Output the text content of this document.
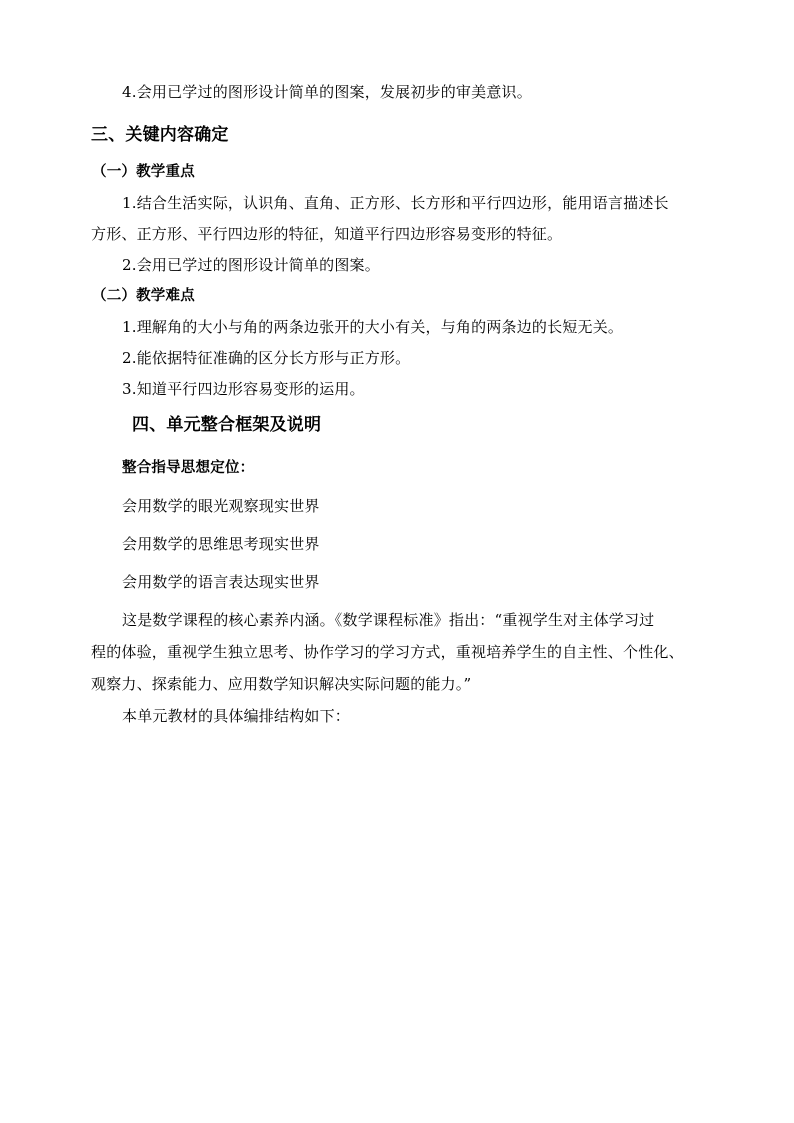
4.会用已学过的图形设计简单的图案，发展初步的审美意识。
三、关键内容确定
（一）教学重点
1.结合生活实际，认识角、直角、正方形、长方形和平行四边形，能用语言描述长
方形、正方形、平行四边形的特征，知道平行四边形容易变形的特征。
2.会用已学过的图形设计简单的图案。
（二）教学难点
1.理解角的大小与角的两条边张开的大小有关，与角的两条边的长短无关。
2.能依据特征准确的区分长方形与正方形。
3.知道平行四边形容易变形的运用。
四、单元整合框架及说明
整合指导思想定位：
会用数学的眼光观察现实世界
会用数学的思维思考现实世界
会用数学的语言表达现实世界
这是数学课程的核心素养内涵。《数学课程标准》指出：“重视学生对主体学习过
程的体验，重视学生独立思考、协作学习的学习方式，重视培养学生的自主性、个性化、
观察力、探索能力、应用数学知识解决实际问题的能力。”
本单元教材的具体编排结构如下：
